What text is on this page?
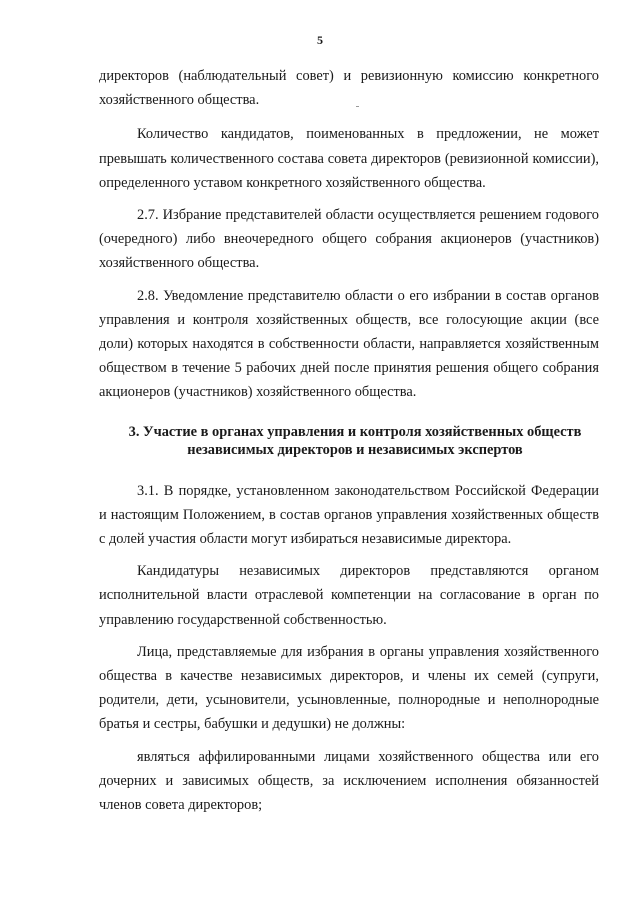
5

директоров (наблюдательный совет) и ревизионную комиссию конкретного хозяйственного общества.

Количество кандидатов, поименованных в предложении, не может превышать количественного состава совета директоров (ревизионной комиссии), определенного уставом конкретного хозяйственного общества.

2.7. Избрание представителей области осуществляется решением годового (очередного) либо внеочередного общего собрания акционеров (участников) хозяйственного общества.

2.8. Уведомление представителю области о его избрании в состав органов управления и контроля хозяйственных обществ, все голосующие акции (все доли) которых находятся в собственности области, направляется хозяйственным обществом в течение 5 рабочих дней после принятия решения общего собрания акционеров (участников) хозяйственного общества.

3. Участие в органах управления и контроля хозяйственных обществ независимых директоров и независимых экспертов

3.1. В порядке, установленном законодательством Российской Федерации и настоящим Положением, в состав органов управления хозяйственных обществ с долей участия области могут избираться независимые директора.

Кандидатуры независимых директоров представляются органом исполнительной власти отраслевой компетенции на согласование в орган по управлению государственной собственностью.

Лица, представляемые для избрания в органы управления хозяйственного общества в качестве независимых директоров, и члены их семей (супруги, родители, дети, усыновители, усыновленные, полнородные и неполнородные братья и сестры, бабушки и дедушки) не должны:

являться аффилированными лицами хозяйственного общества или его дочерних и зависимых обществ, за исключением исполнения обязанностей членов совета директоров;
